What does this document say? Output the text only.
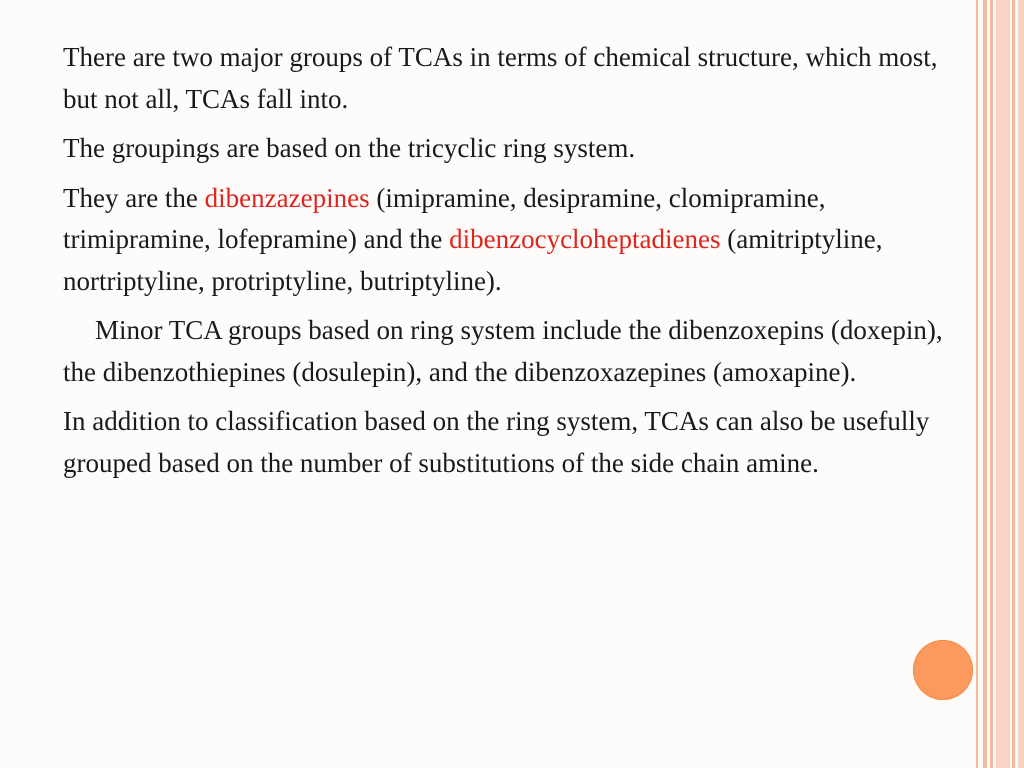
There are two major groups of TCAs in terms of chemical structure, which most, but not all, TCAs fall into.

The groupings are based on the tricyclic ring system.

They are the dibenzazepines (imipramine, desipramine, clomipramine, trimipramine, lofepramine) and the dibenzocycloheptadienes (amitriptyline, nortriptyline, protriptyline, butriptyline).

Minor TCA groups based on ring system include the dibenzoxepins (doxepin), the dibenzothiepines (dosulepin), and the dibenzoxazepines (amoxapine).

In addition to classification based on the ring system, TCAs can also be usefully grouped based on the number of substitutions of the side chain amine.
